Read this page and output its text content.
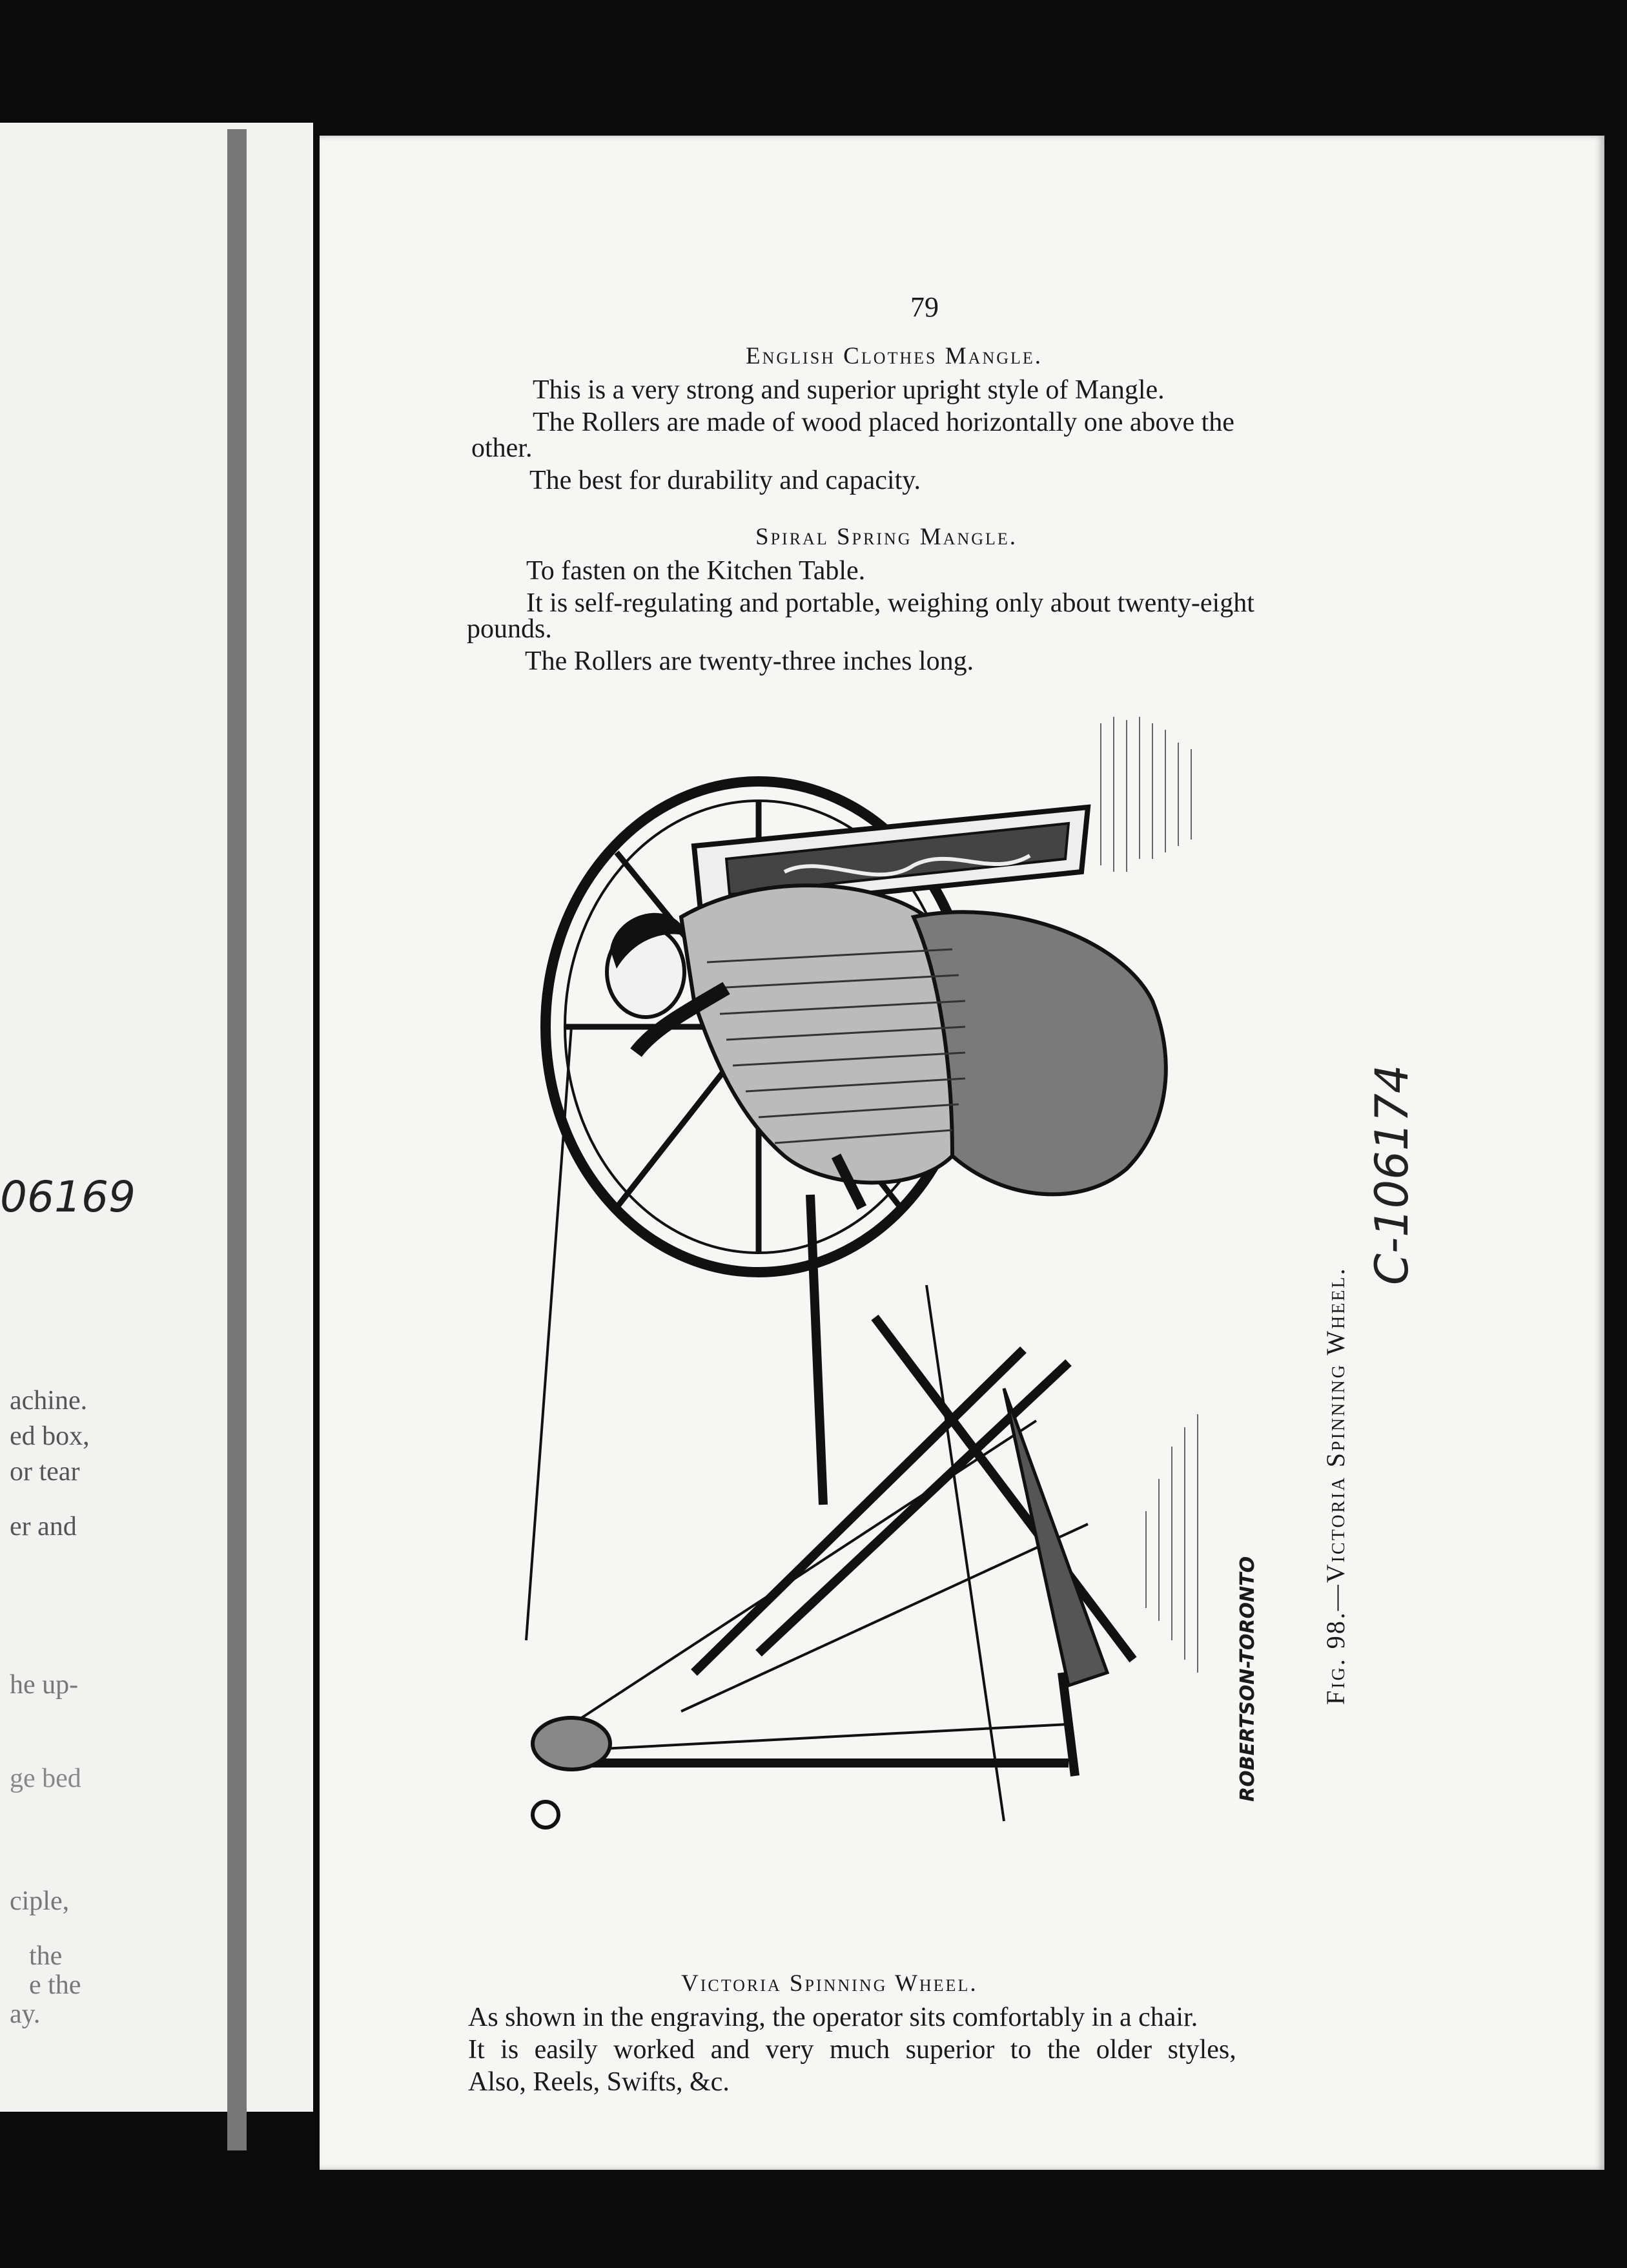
06169
achine.
ed box,
or tear
er and
he up-
ge bed
ciple,
the
e the
ay.
79
English Clothes Mangle.
This is a very strong and superior upright style of Mangle.
The Rollers are made of wood placed horizontally one above the
other.
The best for durability and capacity.
Spiral Spring Mangle.
To fasten on the Kitchen Table.
It is self-regulating and portable, weighing only about twenty-eight
pounds.
The Rollers are twenty-three inches long.
ROBERTSON-TORONTO Fig. 98.—Victoria Spinning Wheel.
C-106174
Victoria Spinning Wheel.
As shown in the engraving, the operator sits comfortably in a chair.
It is easily worked and very much superior to the older styles,
Also, Reels, Swifts, &c.
